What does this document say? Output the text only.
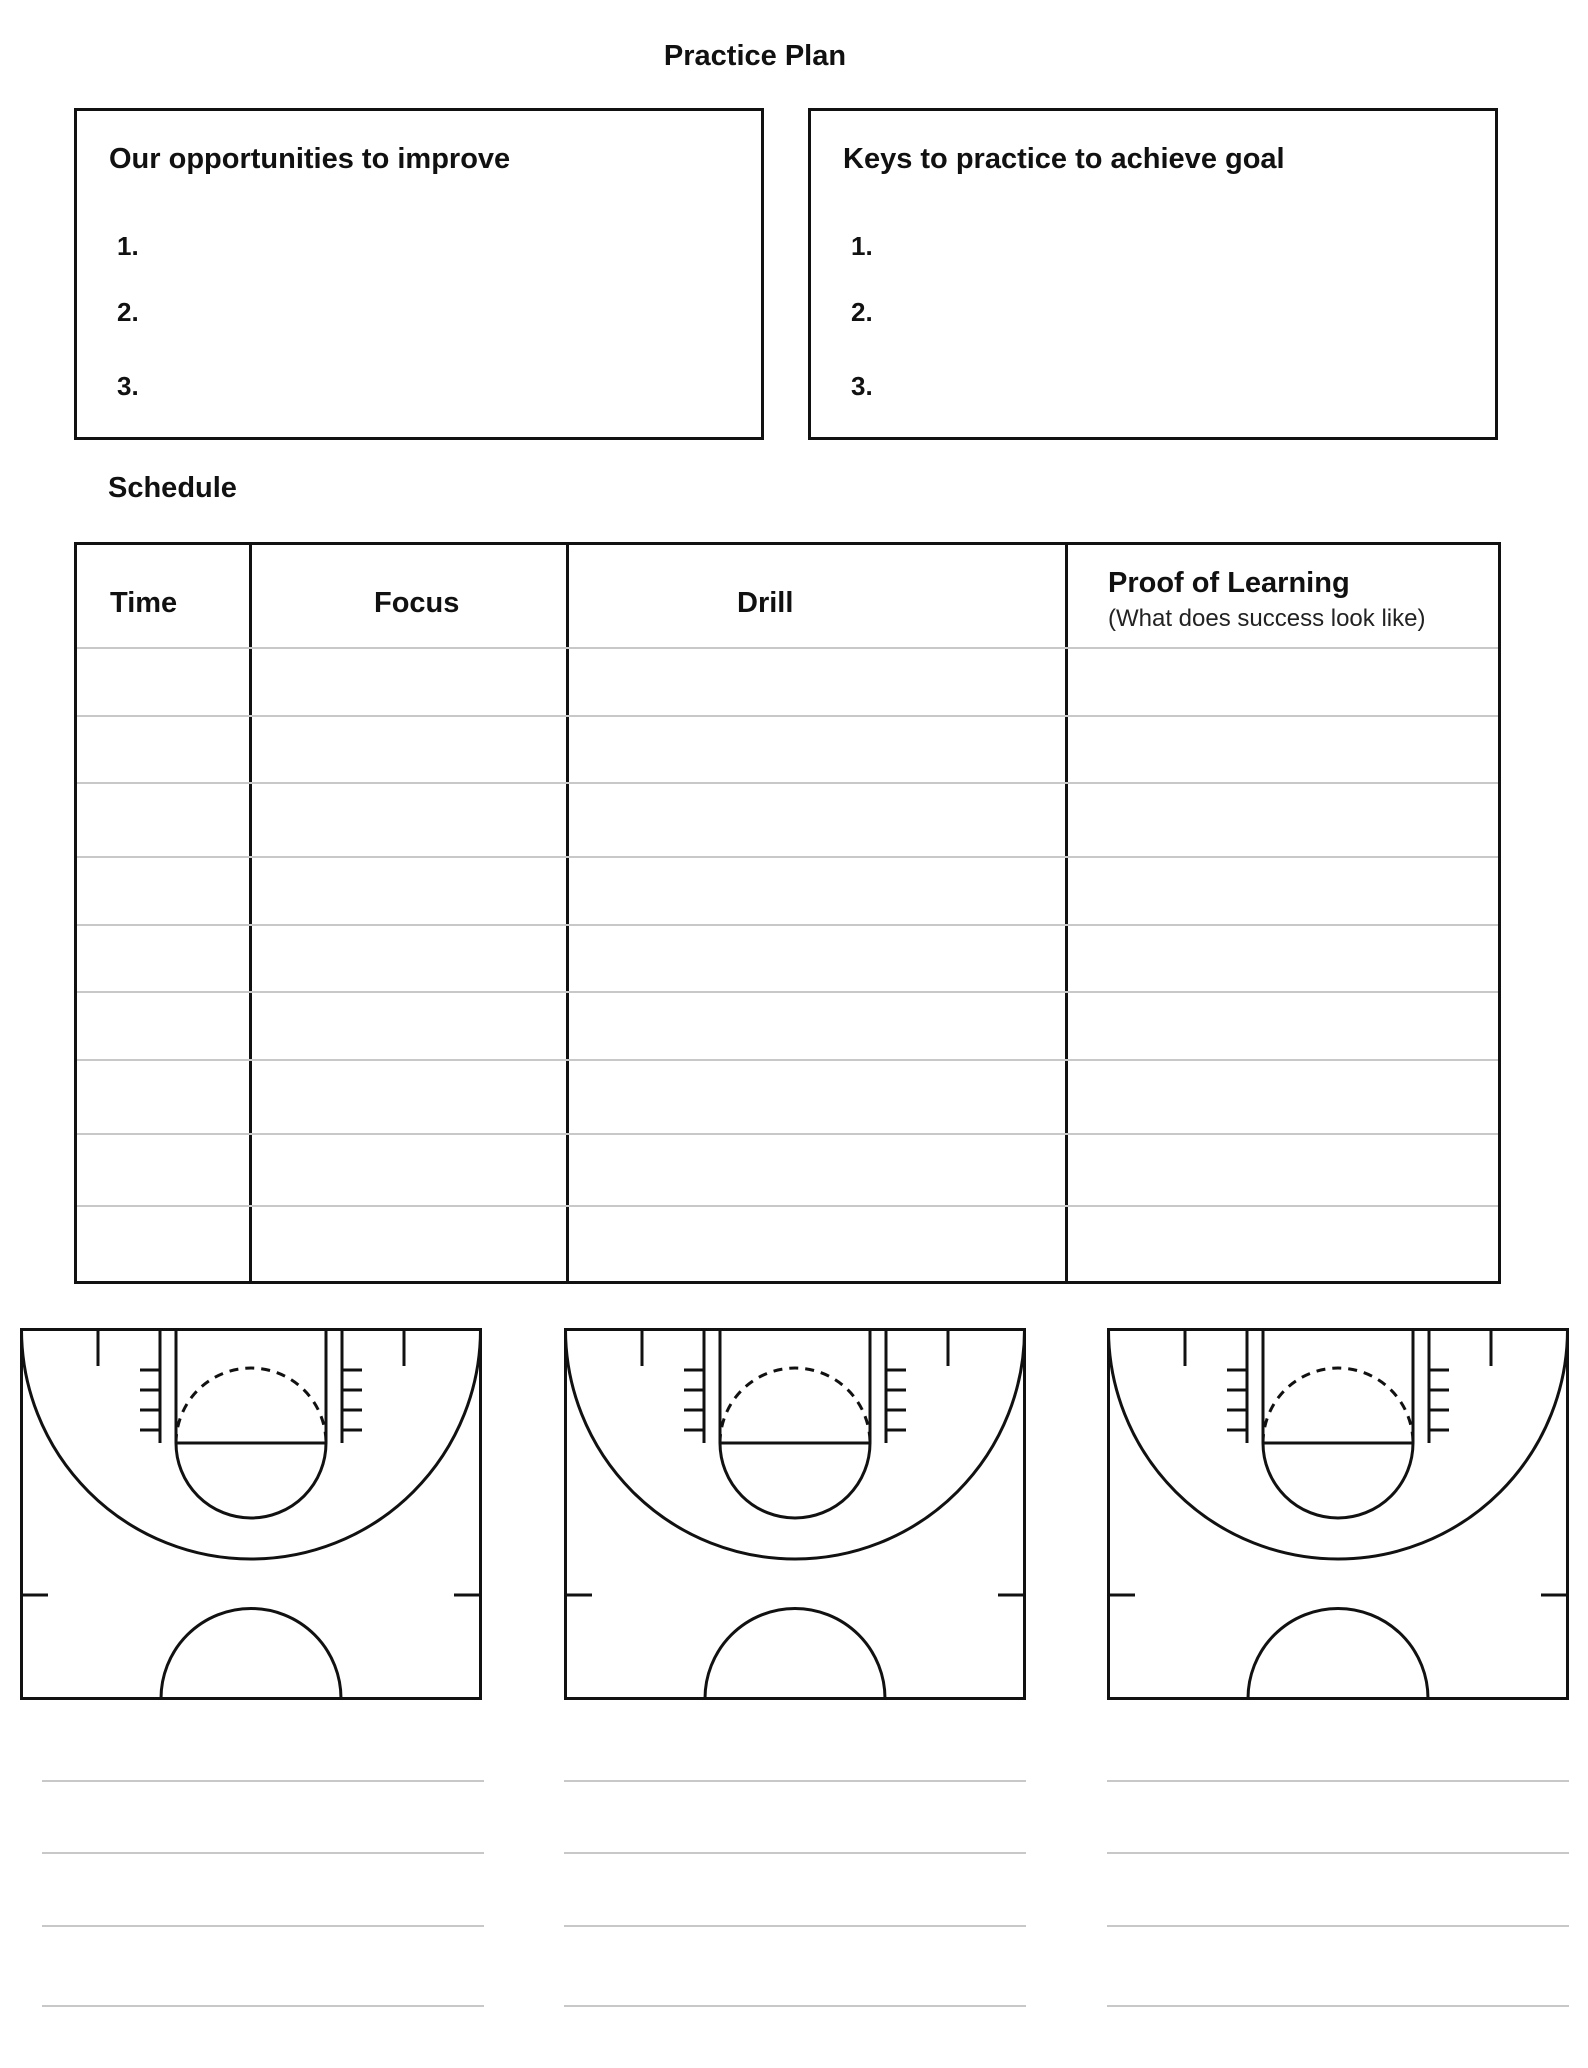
Practice Plan
Our opportunities to improve
1.
2.
3.
Keys to practice to achieve goal
1.
2.
3.
Schedule
Time	Focus	Drill
Proof of Learning
(What does success look like)
